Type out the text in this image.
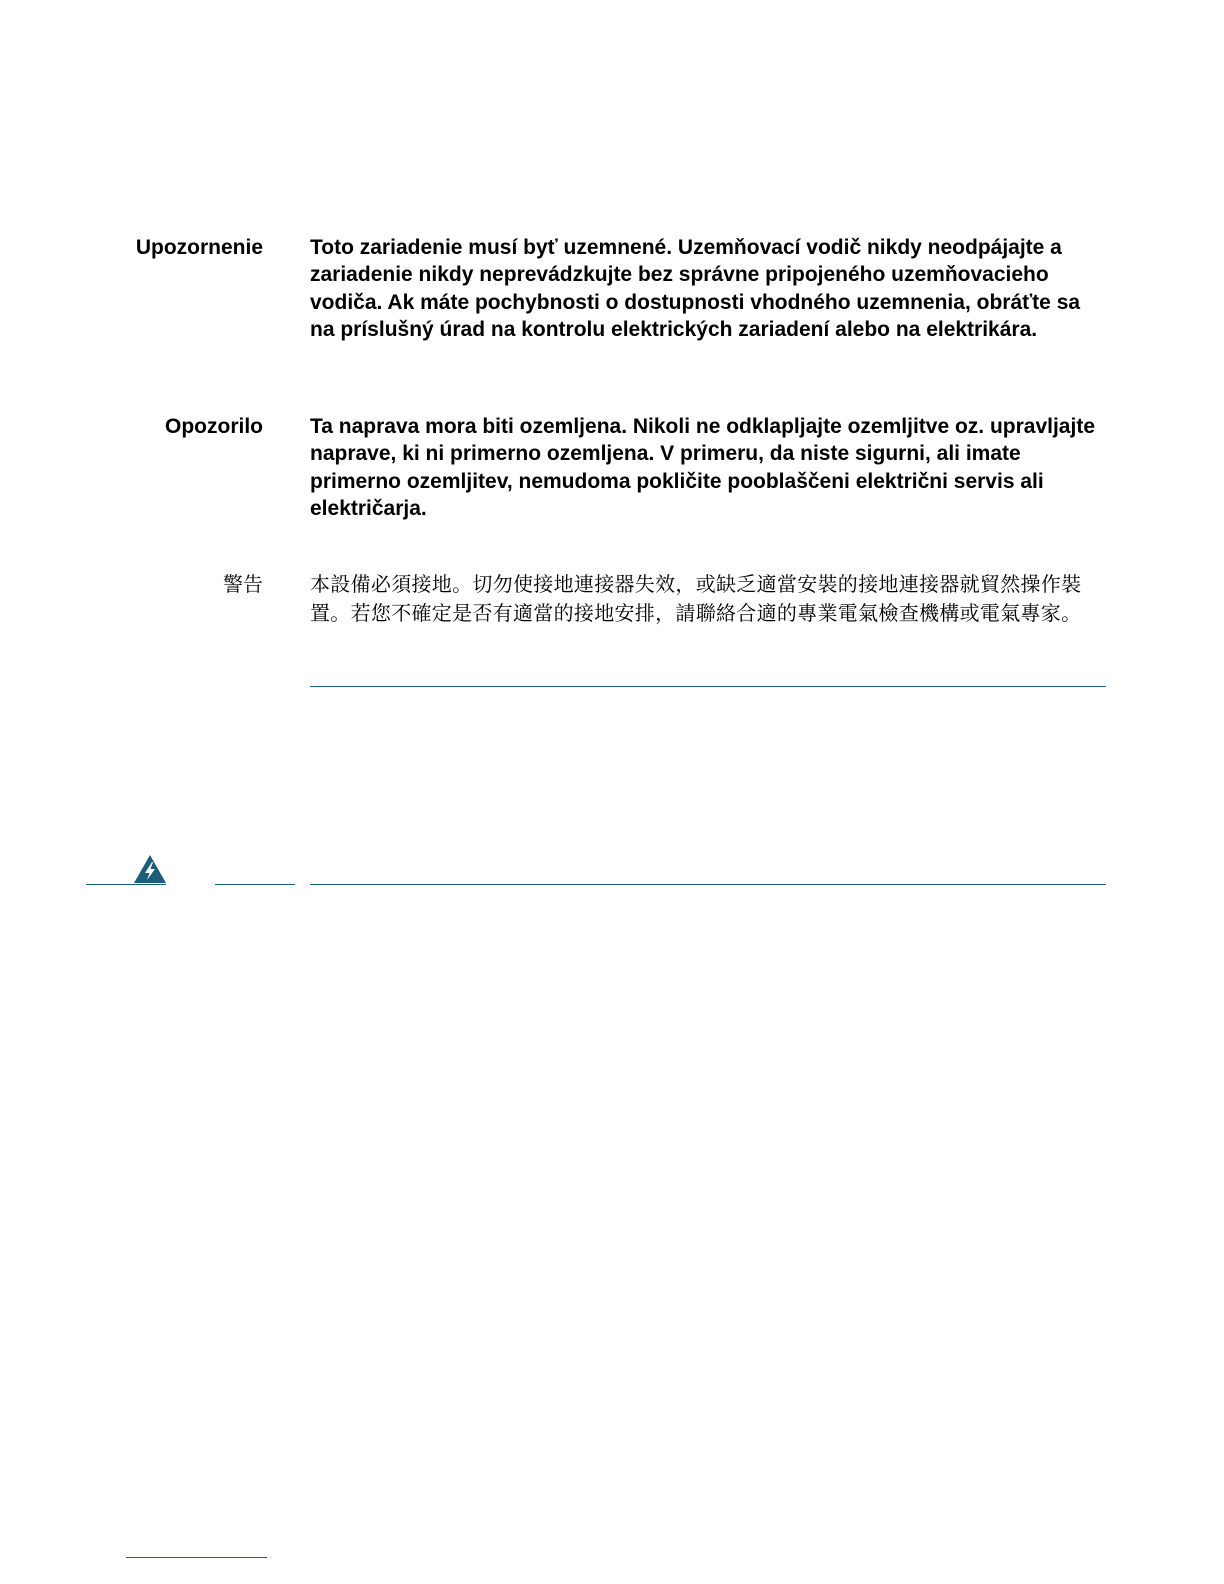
Upozornenie Toto zariadenie musí byť uzemnené. Uzemňovací vodič nikdy neodpájajte a zariadenie nikdy neprevádzkujte bez správne pripojeného uzemňovacieho vodiča. Ak máte pochybnosti o dostupnosti vhodného uzemnenia, obráťte sa na príslušný úrad na kontrolu elektrických zariadení alebo na elektrikára.
Opozorilo Ta naprava mora biti ozemljena. Nikoli ne odklapljajte ozemljitve oz. upravljajte naprave, ki ni primerno ozemljena. V primeru, da niste sigurni, ali imate primerno ozemljitev, nemudoma pokličite pooblaščeni električni servis ali električarja.
警告 本設備必須接地。切勿使接地連接器失效，或缺乏適當安裝的接地連接器就貿然操作裝置。若您不確定是否有適當的接地安排，請聯絡合適的專業電氣檢查機構或電氣專家。
